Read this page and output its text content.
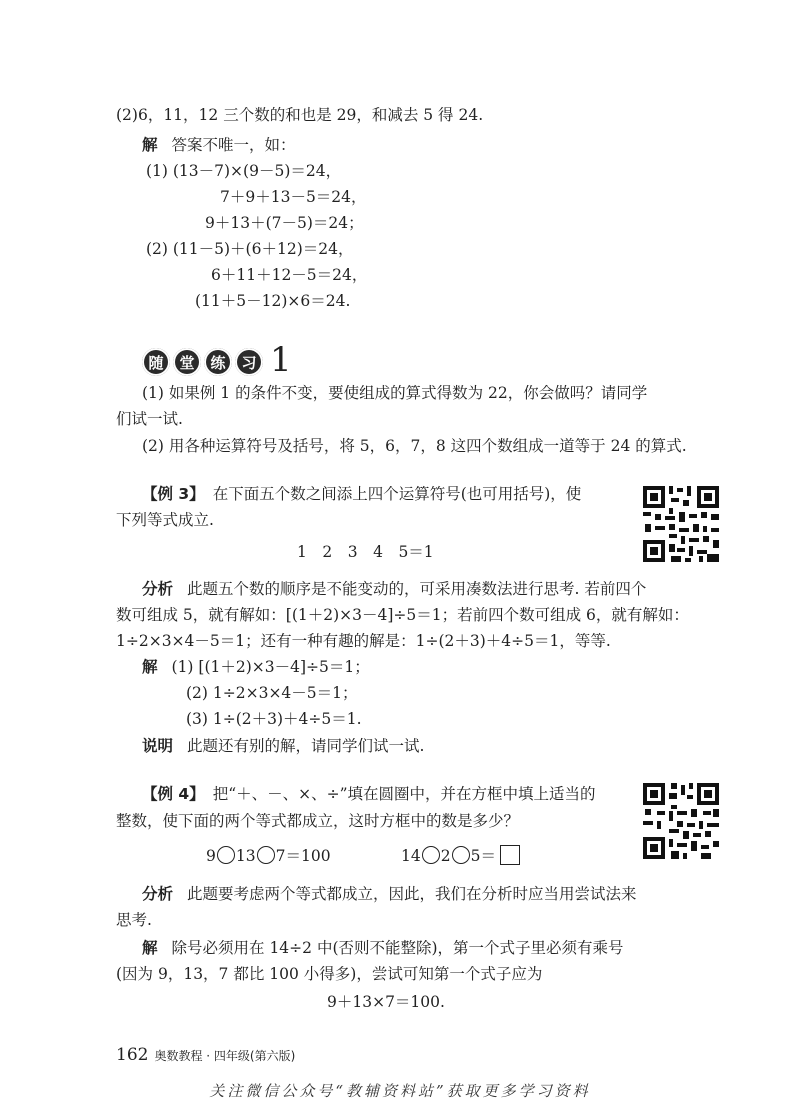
(2)6，11，12 三个数的和也是 29，和减去 5 得 24.
解 答案不唯一，如：
(1) (13－7)×(9－5)＝24，
7＋9＋13－5＝24，
9＋13＋(7－5)＝24；
(2) (11－5)＋(6＋12)＝24，
6＋11＋12－5＝24，
(11＋5－12)×6＝24.
随	堂	练	习 1
(1) 如果例 1 的条件不变，要使组成的算式得数为 22，你会做吗？请同学
们试一试.
(2) 用各种运算符号及括号，将 5，6，7，8 这四个数组成一道等于 24 的算式.
【例 3】 在下面五个数之间添上四个运算符号(也可用括号)，使
下列等式成立.
1　2　3　4　5＝1
分析 此题五个数的顺序是不能变动的，可采用凑数法进行思考. 若前四个
数可组成 5，就有解如：[(1＋2)×3－4]÷5＝1；若前四个数可组成 6，就有解如：
1÷2×3×4－5＝1；还有一种有趣的解是：1÷(2＋3)＋4÷5＝1，等等.
解 (1) [(1＋2)×3－4]÷5＝1；
(2) 1÷2×3×4－5＝1；
(3) 1÷(2＋3)＋4÷5＝1.
说明 此题还有别的解，请同学们试一试.
【例 4】 把“＋、－、×、÷”填在圆圈中，并在方框中填上适当的
整数，使下面的两个等式都成立，这时方框中的数是多少？
9 13 7＝100	14 2 5＝
分析 此题要考虑两个等式都成立，因此，我们在分析时应当用尝试法来
思考.
解 除号必须用在 14÷2 中(否则不能整除)，第一个式子里必须有乘号
(因为 9，13，7 都比 100 小得多)，尝试可知第一个式子应为
9＋13×7＝100.
162 奥数教程 · 四年级(第六版)
关注微信公众号“教辅资料站”获取更多学习资料
